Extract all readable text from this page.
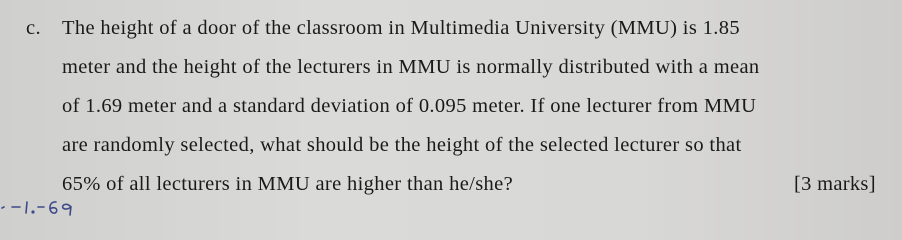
c. The height of a door of the classroom in Multimedia University (MMU) is 1.85
meter and the height of the lecturers in MMU is normally distributed with a mean
of 1.69 meter and a standard deviation of 0.095 meter. If one lecturer from MMU
are randomly selected, what should be the height of the selected lecturer so that
65% of all lecturers in MMU are higher than he/she?	[3 marks]
